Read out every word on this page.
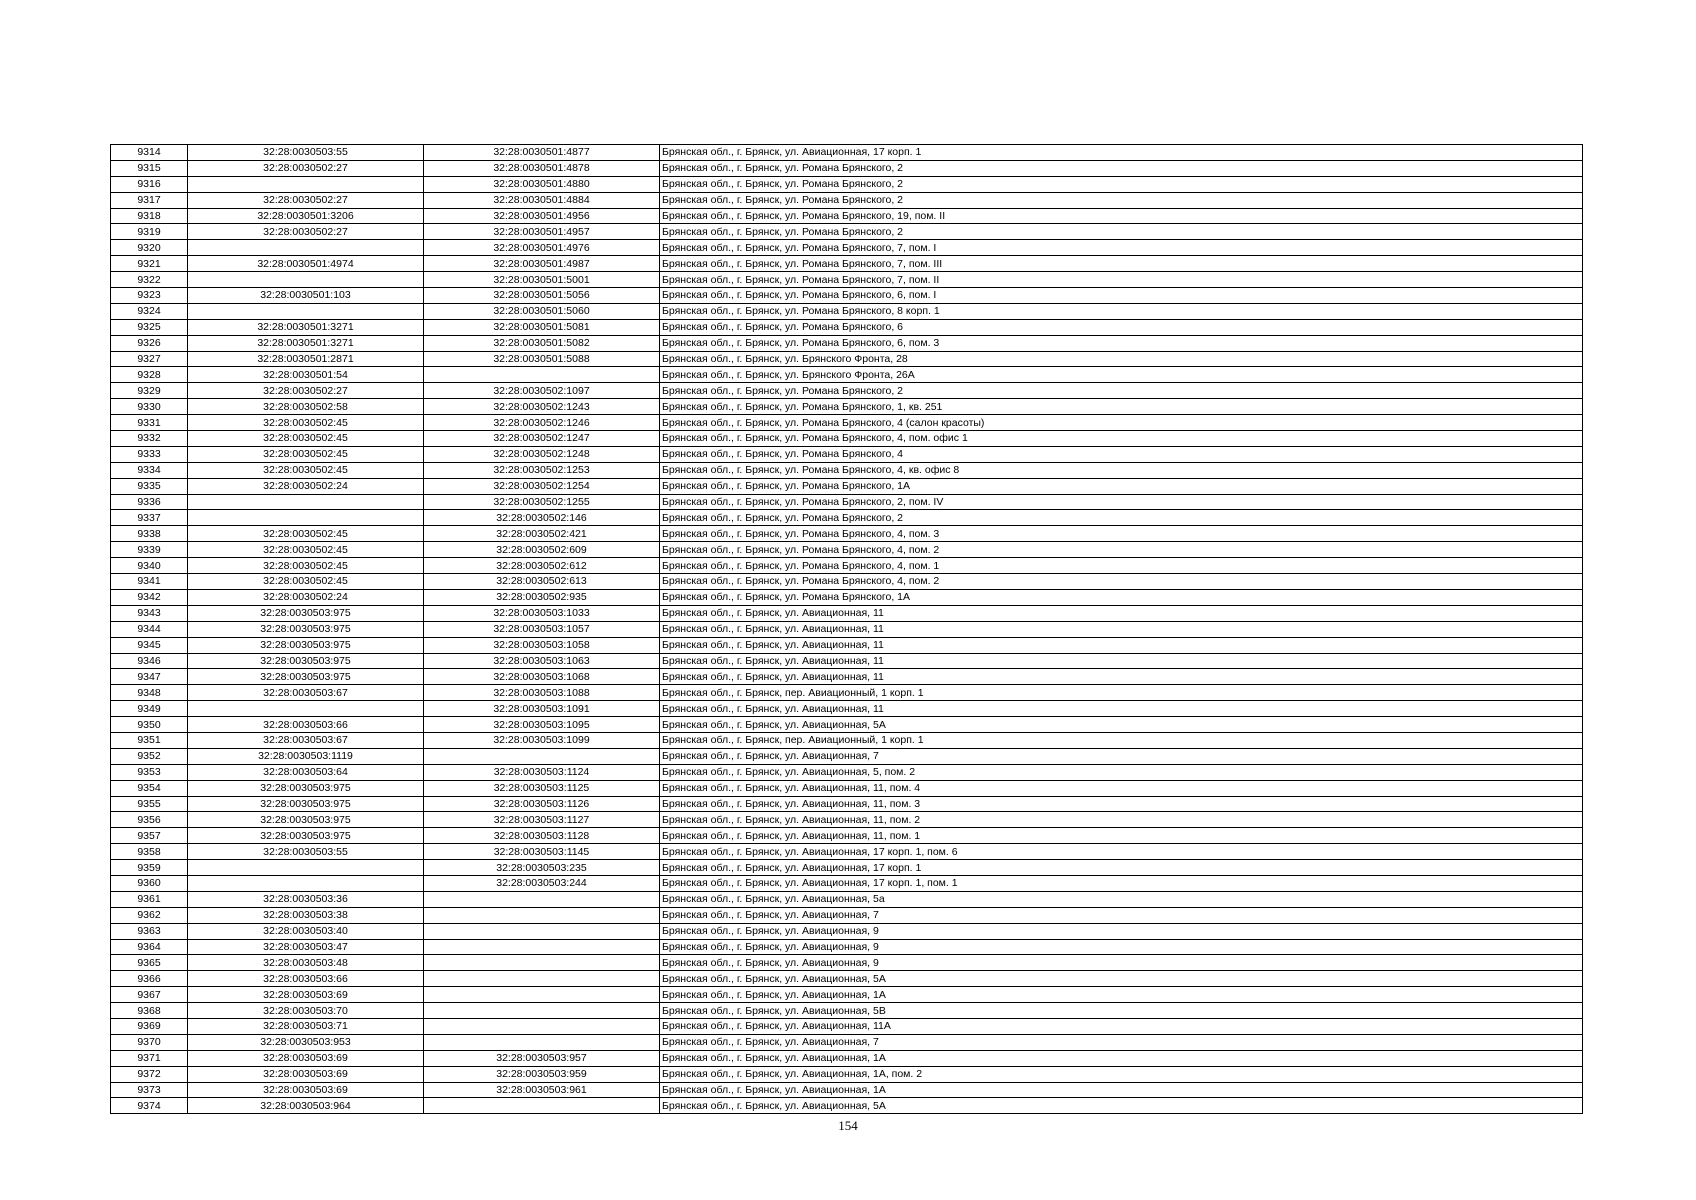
9314	32:28:0030503:55	32:28:0030501:4877	Брянская обл., г. Брянск, ул. Авиационная, 17 корп. 1
9315	32:28:0030502:27	32:28:0030501:4878	Брянская обл., г. Брянск, ул. Романа Брянского, 2
9316		32:28:0030501:4880	Брянская обл., г. Брянск, ул. Романа Брянского, 2
9317	32:28:0030502:27	32:28:0030501:4884	Брянская обл., г. Брянск, ул. Романа Брянского, 2
9318	32:28:0030501:3206	32:28:0030501:4956	Брянская обл., г. Брянск, ул. Романа Брянского, 19, пом. II
9319	32:28:0030502:27	32:28:0030501:4957	Брянская обл., г. Брянск, ул. Романа Брянского, 2
9320		32:28:0030501:4976	Брянская обл., г. Брянск, ул. Романа Брянского, 7, пом. I
9321	32:28:0030501:4974	32:28:0030501:4987	Брянская обл., г. Брянск, ул. Романа Брянского, 7, пом. III
9322		32:28:0030501:5001	Брянская обл., г. Брянск, ул. Романа Брянского, 7, пом. II
9323	32:28:0030501:103	32:28:0030501:5056	Брянская обл., г. Брянск, ул. Романа Брянского, 6, пом. I
9324		32:28:0030501:5060	Брянская обл., г. Брянск, ул. Романа Брянского, 8 корп. 1
9325	32:28:0030501:3271	32:28:0030501:5081	Брянская обл., г. Брянск, ул. Романа Брянского, 6
9326	32:28:0030501:3271	32:28:0030501:5082	Брянская обл., г. Брянск, ул. Романа Брянского, 6, пом. 3
9327	32:28:0030501:2871	32:28:0030501:5088	Брянская обл., г. Брянск, ул. Брянского Фронта, 28
9328	32:28:0030501:54		Брянская обл., г. Брянск, ул. Брянского Фронта, 26А
9329	32:28:0030502:27	32:28:0030502:1097	Брянская обл., г. Брянск, ул. Романа Брянского, 2
9330	32:28:0030502:58	32:28:0030502:1243	Брянская обл., г. Брянск, ул. Романа Брянского, 1, кв. 251
9331	32:28:0030502:45	32:28:0030502:1246	Брянская обл., г. Брянск, ул. Романа Брянского, 4 (салон красоты)
9332	32:28:0030502:45	32:28:0030502:1247	Брянская обл., г. Брянск, ул. Романа Брянского, 4, пом. офис 1
9333	32:28:0030502:45	32:28:0030502:1248	Брянская обл., г. Брянск, ул. Романа Брянского, 4
9334	32:28:0030502:45	32:28:0030502:1253	Брянская обл., г. Брянск, ул. Романа Брянского, 4, кв. офис 8
9335	32:28:0030502:24	32:28:0030502:1254	Брянская обл., г. Брянск, ул. Романа Брянского, 1А
9336		32:28:0030502:1255	Брянская обл., г. Брянск, ул. Романа Брянского, 2, пом. IV
9337		32:28:0030502:146	Брянская обл., г. Брянск, ул. Романа Брянского, 2
9338	32:28:0030502:45	32:28:0030502:421	Брянская обл., г. Брянск, ул. Романа Брянского, 4, пом. 3
9339	32:28:0030502:45	32:28:0030502:609	Брянская обл., г. Брянск, ул. Романа Брянского, 4, пом. 2
9340	32:28:0030502:45	32:28:0030502:612	Брянская обл., г. Брянск, ул. Романа Брянского, 4, пом. 1
9341	32:28:0030502:45	32:28:0030502:613	Брянская обл., г. Брянск, ул. Романа Брянского, 4, пом. 2
9342	32:28:0030502:24	32:28:0030502:935	Брянская обл., г. Брянск, ул. Романа Брянского, 1А
9343	32:28:0030503:975	32:28:0030503:1033	Брянская обл., г. Брянск, ул. Авиационная, 11
9344	32:28:0030503:975	32:28:0030503:1057	Брянская обл., г. Брянск, ул. Авиационная, 11
9345	32:28:0030503:975	32:28:0030503:1058	Брянская обл., г. Брянск, ул. Авиационная, 11
9346	32:28:0030503:975	32:28:0030503:1063	Брянская обл., г. Брянск, ул. Авиационная, 11
9347	32:28:0030503:975	32:28:0030503:1068	Брянская обл., г. Брянск, ул. Авиационная, 11
9348	32:28:0030503:67	32:28:0030503:1088	Брянская обл., г. Брянск, пер. Авиационный, 1 корп. 1
9349		32:28:0030503:1091	Брянская обл., г. Брянск, ул. Авиационная, 11
9350	32:28:0030503:66	32:28:0030503:1095	Брянская обл., г. Брянск, ул. Авиационная, 5А
9351	32:28:0030503:67	32:28:0030503:1099	Брянская обл., г. Брянск, пер. Авиационный, 1 корп. 1
9352	32:28:0030503:1119		Брянская обл., г. Брянск, ул. Авиационная, 7
9353	32:28:0030503:64	32:28:0030503:1124	Брянская обл., г. Брянск, ул. Авиационная, 5, пом. 2
9354	32:28:0030503:975	32:28:0030503:1125	Брянская обл., г. Брянск, ул. Авиационная, 11, пом. 4
9355	32:28:0030503:975	32:28:0030503:1126	Брянская обл., г. Брянск, ул. Авиационная, 11, пом. 3
9356	32:28:0030503:975	32:28:0030503:1127	Брянская обл., г. Брянск, ул. Авиационная, 11, пом. 2
9357	32:28:0030503:975	32:28:0030503:1128	Брянская обл., г. Брянск, ул. Авиационная, 11, пом. 1
9358	32:28:0030503:55	32:28:0030503:1145	Брянская обл., г. Брянск, ул. Авиационная, 17 корп. 1, пом. 6
9359		32:28:0030503:235	Брянская обл., г. Брянск, ул. Авиационная, 17 корп. 1
9360		32:28:0030503:244	Брянская обл., г. Брянск, ул. Авиационная, 17 корп. 1, пом. 1
9361	32:28:0030503:36		Брянская обл., г. Брянск, ул. Авиационная, 5а
9362	32:28:0030503:38		Брянская обл., г. Брянск, ул. Авиационная, 7
9363	32:28:0030503:40		Брянская обл., г. Брянск, ул. Авиационная, 9
9364	32:28:0030503:47		Брянская обл., г. Брянск, ул. Авиационная, 9
9365	32:28:0030503:48		Брянская обл., г. Брянск, ул. Авиационная, 9
9366	32:28:0030503:66		Брянская обл., г. Брянск, ул. Авиационная, 5А
9367	32:28:0030503:69		Брянская обл., г. Брянск, ул. Авиационная, 1А
9368	32:28:0030503:70		Брянская обл., г. Брянск, ул. Авиационная, 5В
9369	32:28:0030503:71		Брянская обл., г. Брянск, ул. Авиационная, 11А
9370	32:28:0030503:953		Брянская обл., г. Брянск, ул. Авиационная, 7
9371	32:28:0030503:69	32:28:0030503:957	Брянская обл., г. Брянск, ул. Авиационная, 1А
9372	32:28:0030503:69	32:28:0030503:959	Брянская обл., г. Брянск, ул. Авиационная, 1А, пом. 2
9373	32:28:0030503:69	32:28:0030503:961	Брянская обл., г. Брянск, ул. Авиационная, 1А
9374	32:28:0030503:964		Брянская обл., г. Брянск, ул. Авиационная, 5А
154
